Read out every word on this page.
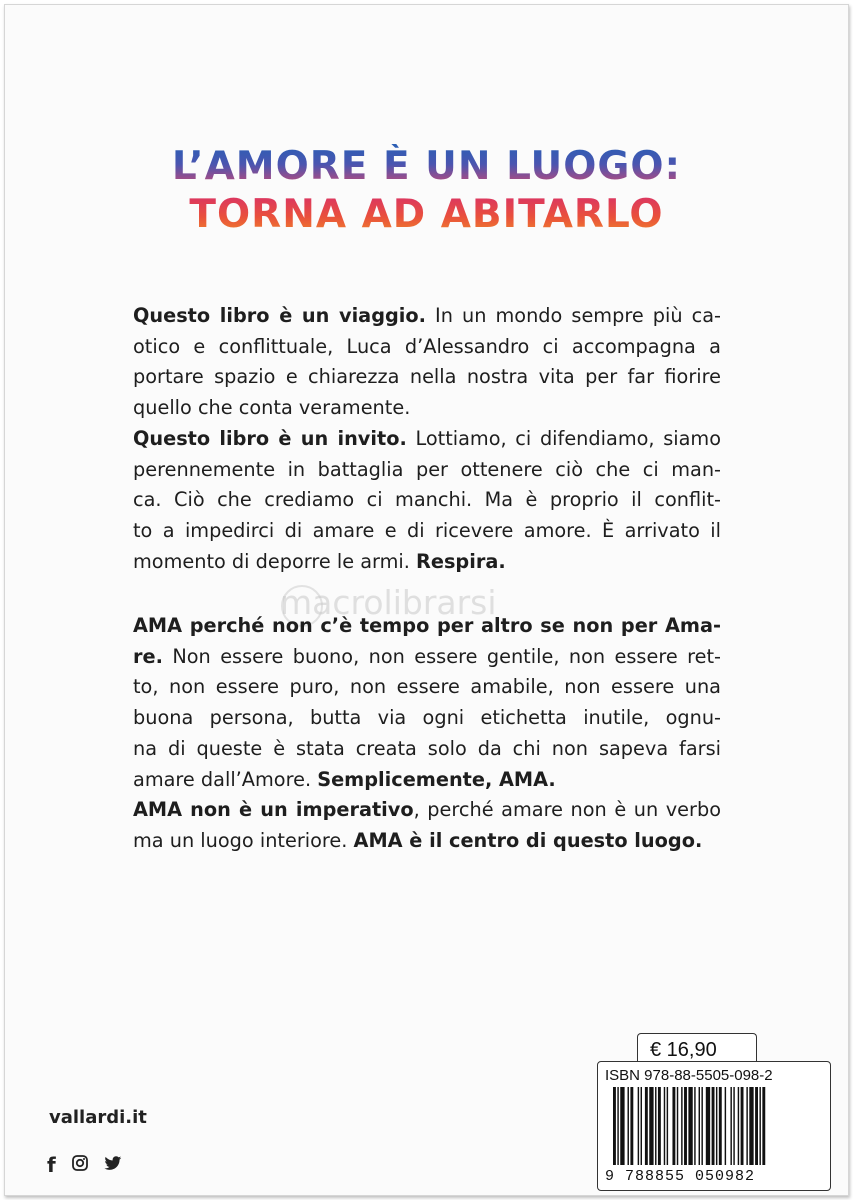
L’AMORE È UN LUOGO:
TORNA AD ABITARLO
Questo libro è un viaggio. In un mondo sempre più ca-
otico e conflittuale, Luca d’Alessandro ci accompagna a
portare spazio e chiarezza nella nostra vita per far fiorire
quello che conta veramente.
Questo libro è un invito. Lottiamo, ci difendiamo, siamo
perennemente in battaglia per ottenere ciò che ci man-
ca. Ciò che crediamo ci manchi. Ma è proprio il conflit-
to a impedirci di amare e di ricevere amore. È arrivato il
momento di deporre le armi. Respira.
macrolibrarsi
AMA perché non c’è tempo per altro se non per Ama-
re. Non essere buono, non essere gentile, non essere ret-
to, non essere puro, non essere amabile, non essere una
buona persona, butta via ogni etichetta inutile, ognu-
na di queste è stata creata solo da chi non sapeva farsi
amare dall’Amore. Semplicemente, AMA.
AMA non è un imperativo, perché amare non è un verbo
ma un luogo interiore. AMA è il centro di questo luogo.
vallardi.it
f
€ 16,90
ISBN 978-88-5505-098-2
9 788855 050982
